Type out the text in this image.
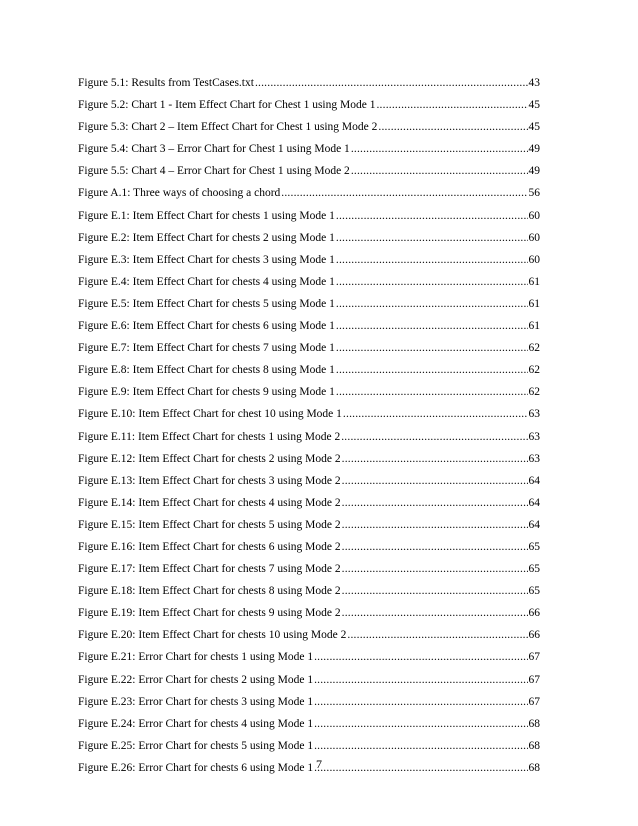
Figure 5.1: Results from TestCases.txt .....	43
Figure 5.2: Chart 1 - Item Effect Chart for Chest 1 using Mode 1 .....	45
Figure 5.3: Chart 2 – Item Effect Chart for Chest 1 using Mode 2 .....	45
Figure 5.4: Chart 3 – Error Chart for Chest 1 using Mode 1 .....	49
Figure 5.5: Chart 4 – Error Chart for Chest 1 using Mode 2 .....	49
Figure A.1: Three ways of choosing a chord .....	56
Figure E.1: Item Effect Chart for chests 1 using Mode 1 .....	60
Figure E.2: Item Effect Chart for chests 2 using Mode 1 .....	60
Figure E.3: Item Effect Chart for chests 3 using Mode 1 .....	60
Figure E.4: Item Effect Chart for chests 4 using Mode 1 .....	61
Figure E.5: Item Effect Chart for chests 5 using Mode 1 .....	61
Figure E.6: Item Effect Chart for chests 6 using Mode 1 .....	61
Figure E.7: Item Effect Chart for chests 7 using Mode 1 .....	62
Figure E.8: Item Effect Chart for chests 8 using Mode 1 .....	62
Figure E.9: Item Effect Chart for chests 9 using Mode 1 .....	62
Figure E.10: Item Effect Chart for chest 10 using Mode 1 .....	63
Figure E.11: Item Effect Chart for chests 1 using Mode 2 .....	63
Figure E.12: Item Effect Chart for chests 2 using Mode 2 .....	63
Figure E.13: Item Effect Chart for chests 3 using Mode 2 .....	64
Figure E.14: Item Effect Chart for chests 4 using Mode 2 .....	64
Figure E.15: Item Effect Chart for chests 5 using Mode 2 .....	64
Figure E.16: Item Effect Chart for chests 6 using Mode 2 .....	65
Figure E.17: Item Effect Chart for chests 7 using Mode 2 .....	65
Figure E.18: Item Effect Chart for chests 8 using Mode 2 .....	65
Figure E.19: Item Effect Chart for chests 9 using Mode 2 .....	66
Figure E.20: Item Effect Chart for chests 10 using Mode 2 .....	66
Figure E.21: Error Chart for chests 1 using Mode 1 .....	67
Figure E.22: Error Chart for chests 2 using Mode 1 .....	67
Figure E.23: Error Chart for chests 3 using Mode 1 .....	67
Figure E.24: Error Chart for chests 4 using Mode 1 .....	68
Figure E.25: Error Chart for chests 5 using Mode 1 .....	68
Figure E.26: Error Chart for chests 6 using Mode 1 .....	68
7
